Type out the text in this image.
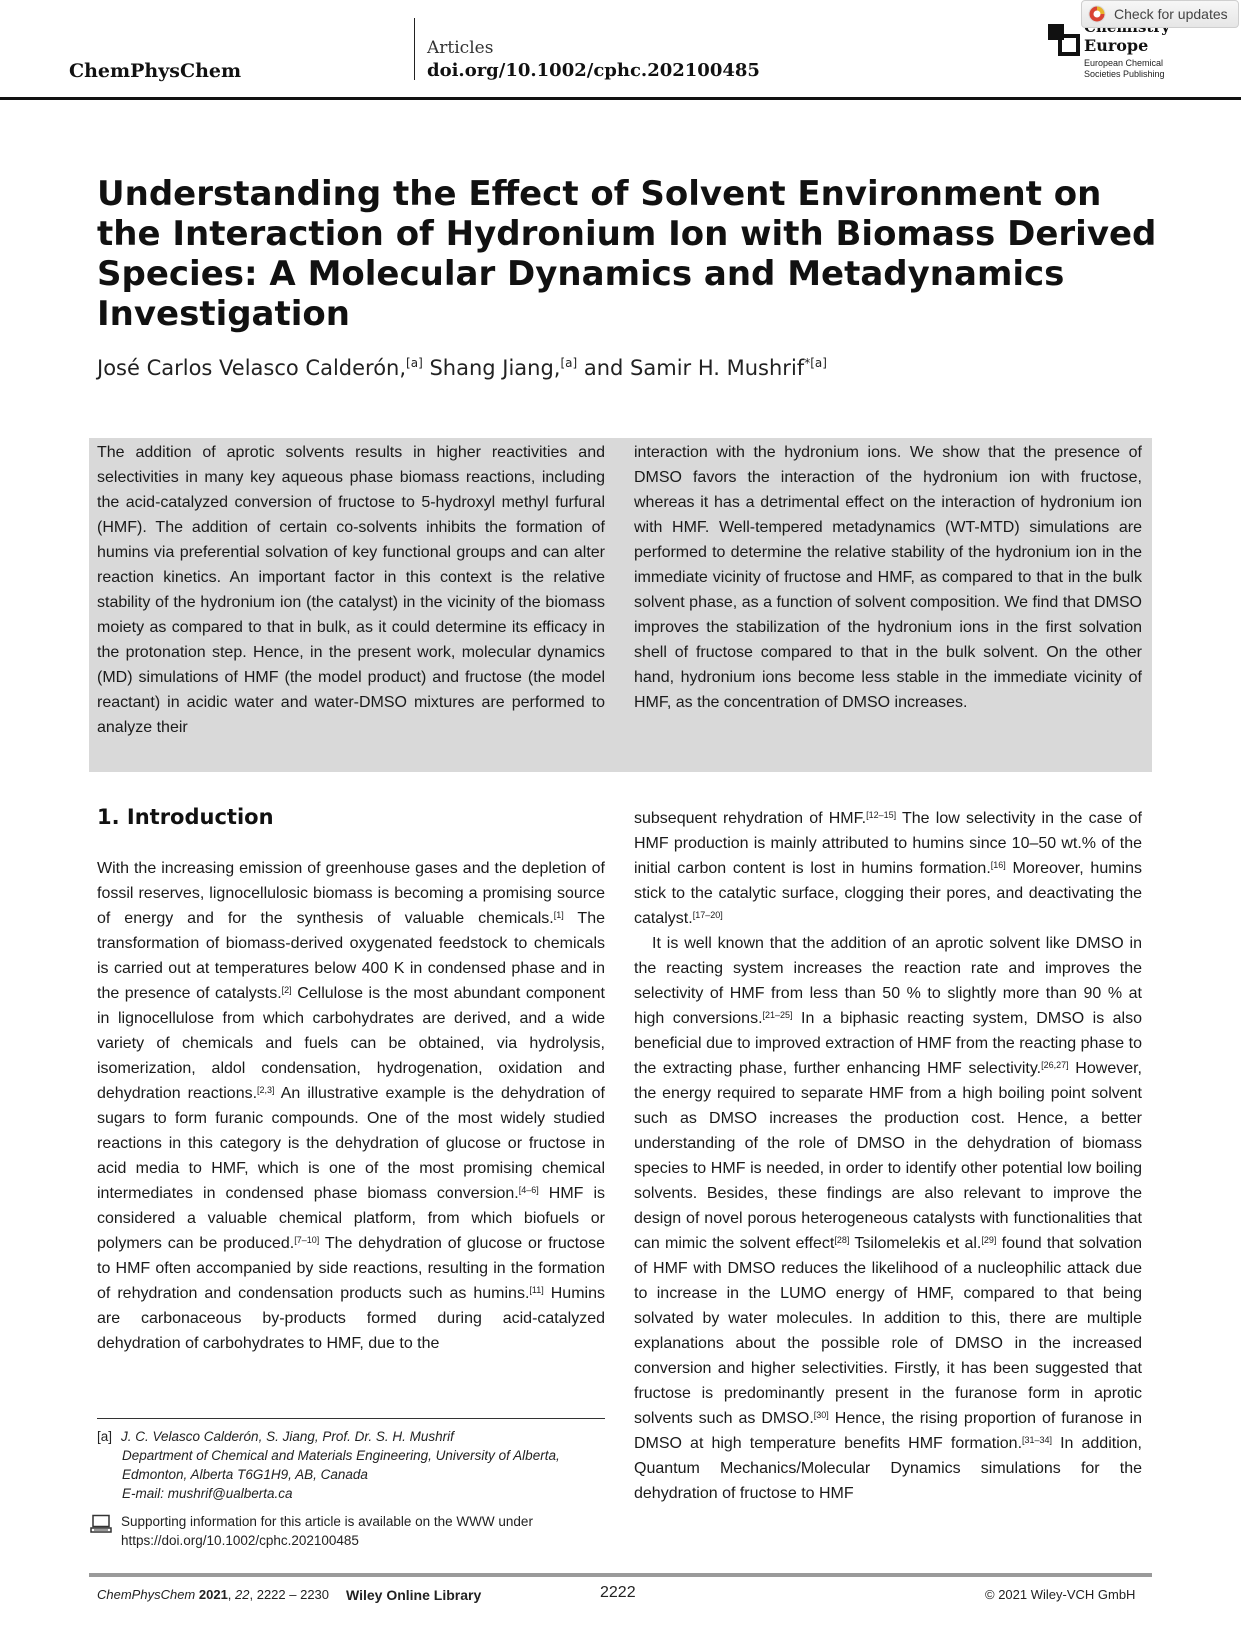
ChemPhysChem
Articles
doi.org/10.1002/cphc.202100485
Europe
European Chemical
Societies Publishing
Check for updates
Understanding the Effect of Solvent Environment on the Interaction of Hydronium Ion with Biomass Derived Species: A Molecular Dynamics and Metadynamics Investigation
José Carlos Velasco Calderón,[a] Shang Jiang,[a] and Samir H. Mushrif$^{*[a]}$

The addition of aprotic solvents results in higher reactivities and selectivities in many key aqueous phase biomass reactions, including the acid-catalyzed conversion of fructose to 5-hydroxyl methyl furfural (HMF). The addition of certain co-solvents inhibits the formation of humins via preferential solvation of key functional groups and can alter reaction kinetics. An important factor in this context is the relative stability of the hydronium ion (the catalyst) in the vicinity of the biomass moiety as compared to that in bulk, as it could determine its efficacy in the protonation step. Hence, in the present work, molecular dynamics (MD) simulations of HMF (the model product) and fructose (the model reactant) in acidic water and water-DMSO mixtures are performed to analyze their

interaction with the hydronium ions. We show that the presence of DMSO favors the interaction of the hydronium ion with fructose, whereas it has a detrimental effect on the interaction of hydronium ion with HMF. Well-tempered metadynamics (WT-MTD) simulations are performed to determine the relative stability of the hydronium ion in the immediate vicinity of fructose and HMF, as compared to that in the bulk solvent phase, as a function of solvent composition. We find that DMSO improves the stabilization of the hydronium ions in the first solvation shell of fructose compared to that in the bulk solvent. On the other hand, hydronium ions become less stable in the immediate vicinity of HMF, as the concentration of DMSO increases.

1. Introduction

With the increasing emission of greenhouse gases and the depletion of fossil reserves, lignocellulosic biomass is becoming a promising source of energy and for the synthesis of valuable chemicals.[1] The transformation of biomass-derived oxygenated feedstock to chemicals is carried out at temperatures below 400 K in condensed phase and in the presence of catalysts.[2] Cellulose is the most abundant component in lignocellulose from which carbohydrates are derived, and a wide variety of chemicals and fuels can be obtained, via hydrolysis, isomerization, aldol condensation, hydrogenation, oxidation and dehydration reactions.[2,3] An illustrative example is the dehydration of sugars to form furanic compounds. One of the most widely studied reactions in this category is the dehydration of glucose or fructose in acid media to HMF, which is one of the most promising chemical intermediates in condensed phase biomass conversion.[4–6] HMF is considered a valuable chemical platform, from which biofuels or polymers can be produced.[7–10] The dehydration of glucose or fructose to HMF often accompanied by side reactions, resulting in the formation of rehydration and condensation products such as humins.[11] Humins are carbonaceous by-products formed during acid-catalyzed dehydration of carbohydrates to HMF, due to the

subsequent rehydration of HMF.[12–15] The low selectivity in the case of HMF production is mainly attributed to humins since 10–50 wt.% of the initial carbon content is lost in humins formation.[16] Moreover, humins stick to the catalytic surface, clogging their pores, and deactivating the catalyst.[17–20]

It is well known that the addition of an aprotic solvent like DMSO in the reacting system increases the reaction rate and improves the selectivity of HMF from less than 50 % to slightly more than 90 % at high conversions.[21–25] In a biphasic reacting system, DMSO is also beneficial due to improved extraction of HMF from the reacting phase to the extracting phase, further enhancing HMF selectivity.[26,27] However, the energy required to separate HMF from a high boiling point solvent such as DMSO increases the production cost. Hence, a better understanding of the role of DMSO in the dehydration of biomass species to HMF is needed, in order to identify other potential low boiling solvents. Besides, these findings are also relevant to improve the design of novel porous heterogeneous catalysts with functionalities that can mimic the solvent effect[28] Tsilomelekis et al.[29] found that solvation of HMF with DMSO reduces the likelihood of a nucleophilic attack due to increase in the LUMO energy of HMF, compared to that being solvated by water molecules. In addition to this, there are multiple explanations about the possible role of DMSO in the increased conversion and higher selectivities. Firstly, it has been suggested that fructose is predominantly present in the furanose form in aprotic solvents such as DMSO.[30] Hence, the rising proportion of furanose in DMSO at high temperature benefits HMF formation.[31–34] In addition, Quantum Mechanics/Molecular Dynamics simulations for the dehydration of fructose to HMF

[a] J. C. Velasco Calderón, S. Jiang, Prof. Dr. S. H. Mushrif
Department of Chemical and Materials Engineering, University of Alberta,
Edmonton, Alberta T6G1H9, AB, Canada
E-mail: mushrif@ualberta.ca
Supporting information for this article is available on the WWW under
https://doi.org/10.1002/cphc.202100485
ChemPhysChem 2021, 22, 2222 – 2230 Wiley Online Library	2222	© 2021 Wiley-VCH GmbH
